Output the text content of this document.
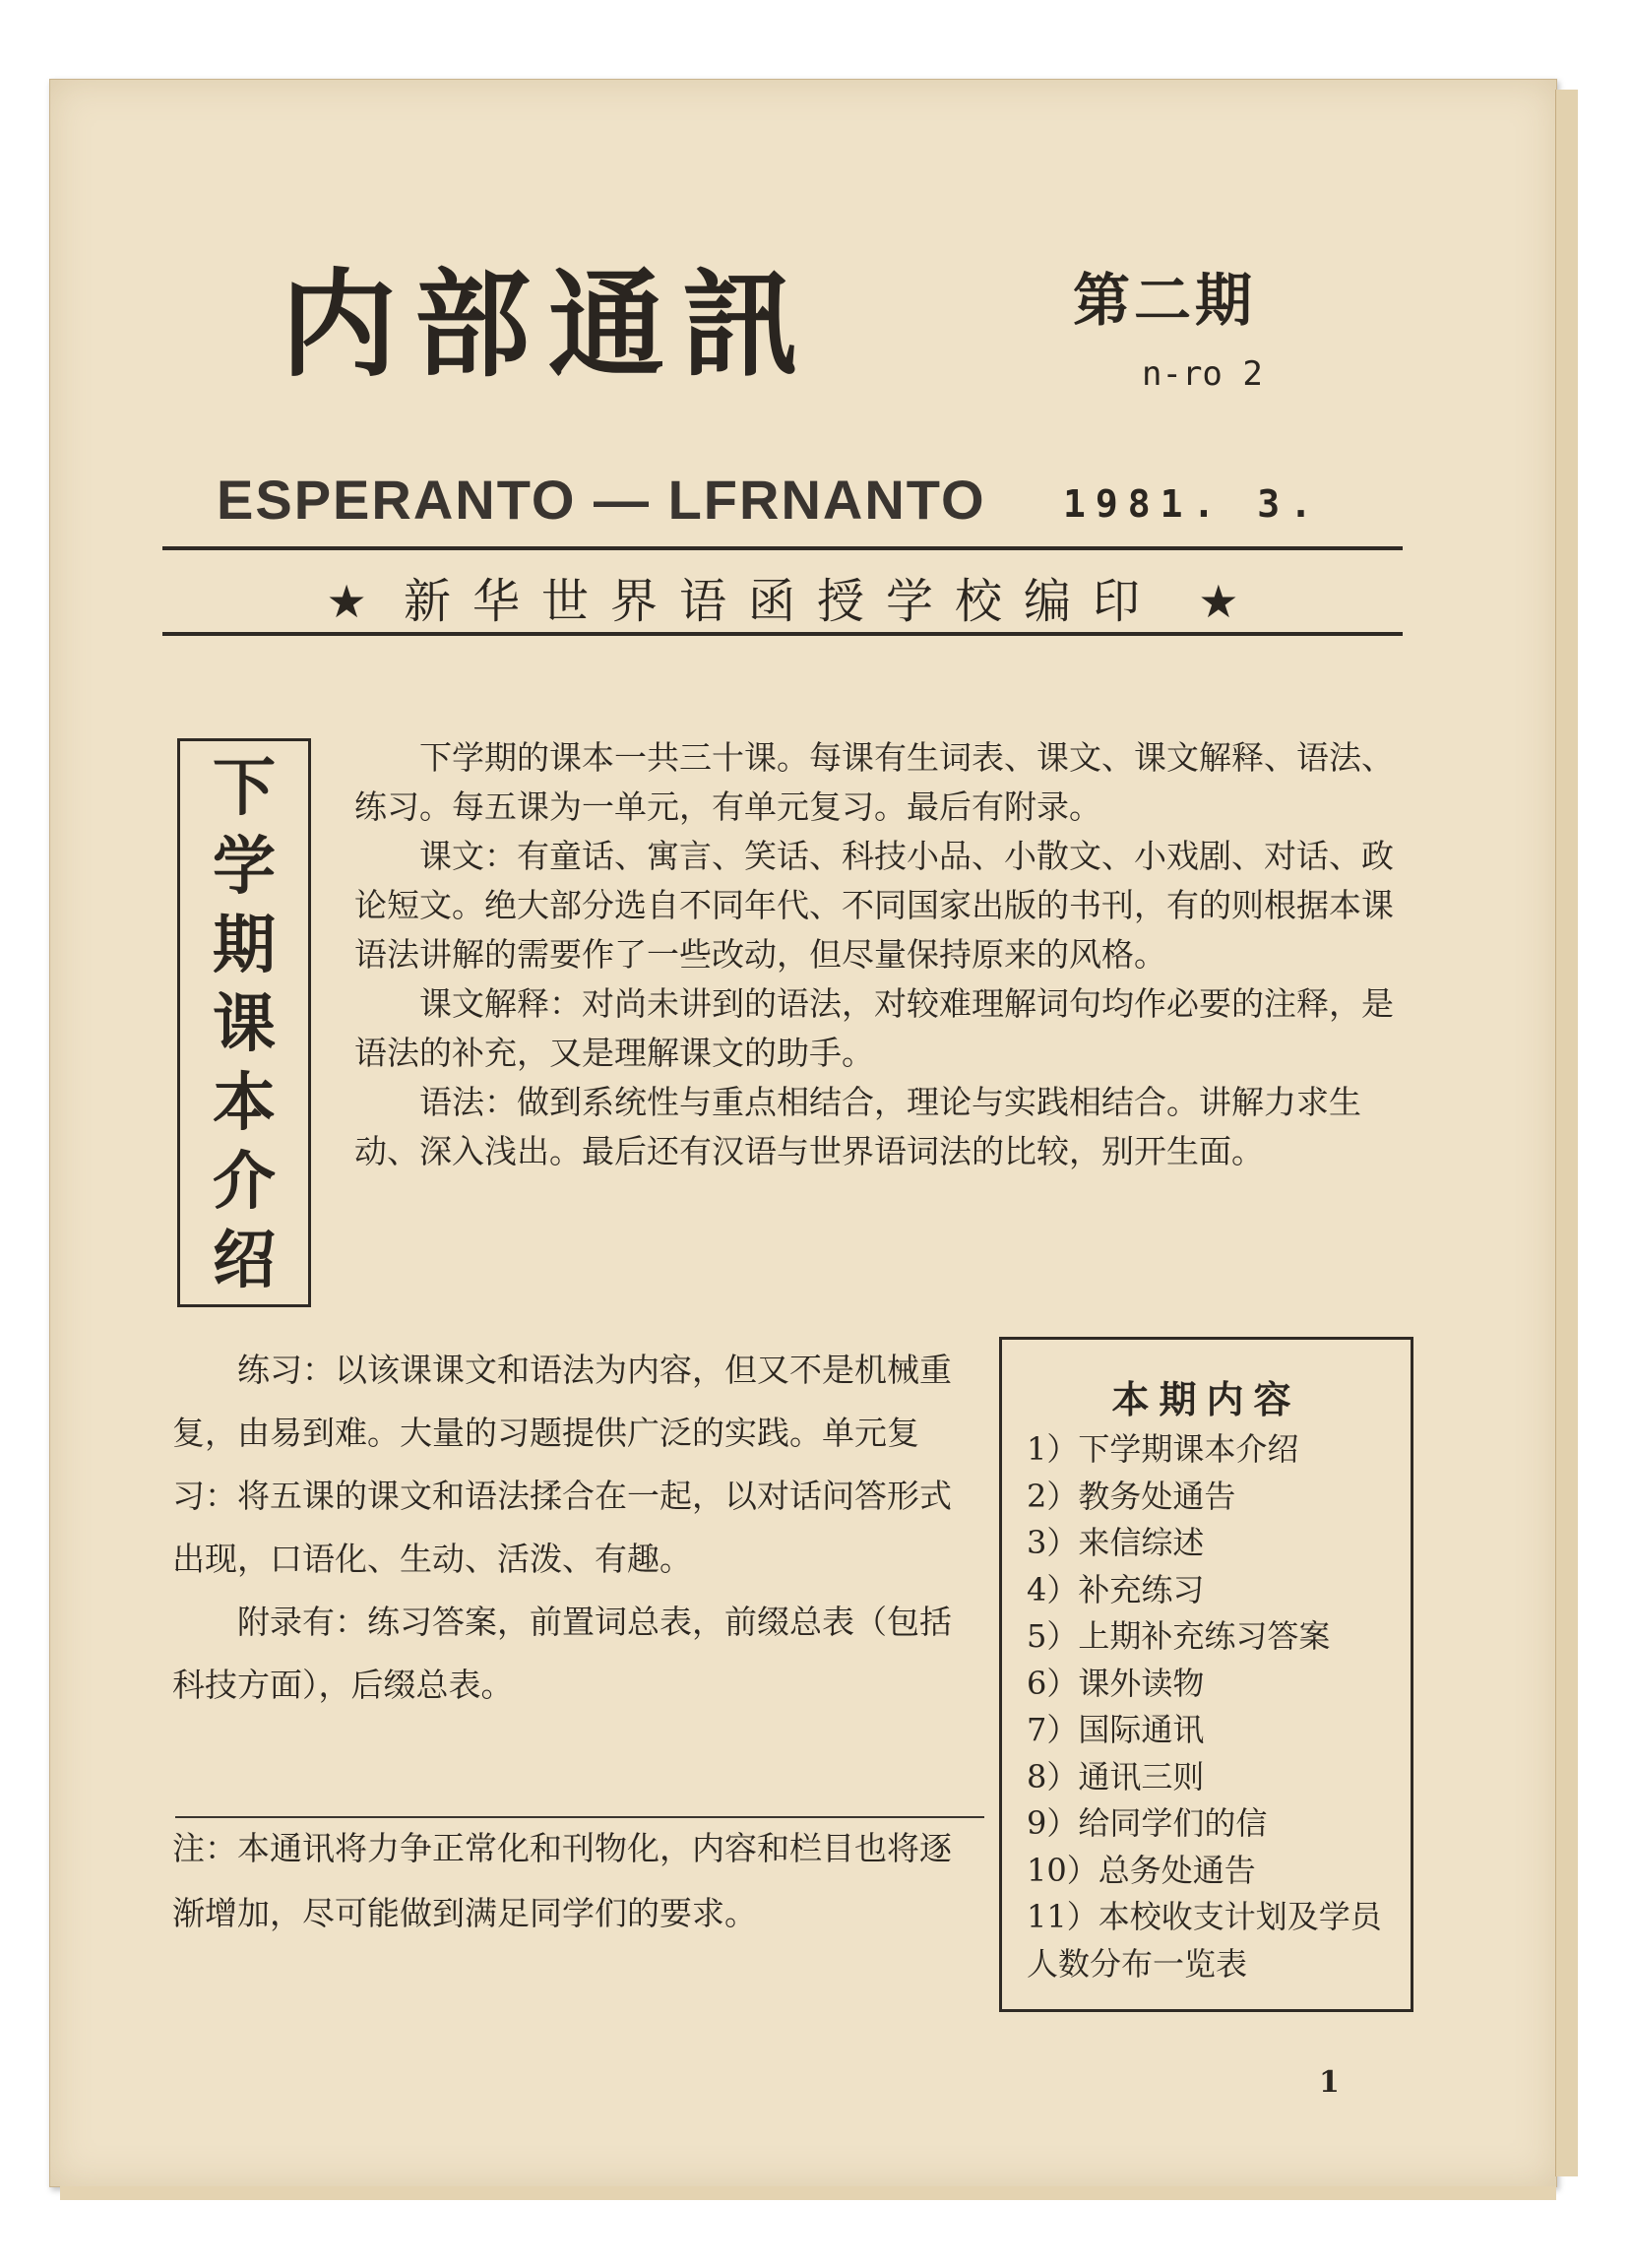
内部通訊	第二期
n-ro 2
ESPERANTO — LFRNANTO 1981. 3.
★ 新华世界语函授学校编印 ★
下
学
期
课
本
介
绍
下学期的课本一共三十课。每课有生词表、课文、课文解释、语法、练习。每五课为一单元，有单元复习。最后有附录。
课文：有童话、寓言、笑话、科技小品、小散文、小戏剧、对话、政论短文。绝大部分选自不同年代、不同国家出版的书刊，有的则根据本课语法讲解的需要作了一些改动，但尽量保持原来的风格。
课文解释：对尚未讲到的语法，对较难理解词句均作必要的注释，是语法的补充，又是理解课文的助手。
语法：做到系统性与重点相结合，理论与实践相结合。讲解力求生动、深入浅出。最后还有汉语与世界语词法的比较，别开生面。
练习：以该课课文和语法为内容，但又不是机械重复，由易到难。大量的习题提供广泛的实践。单元复习：将五课的课文和语法揉合在一起，以对话问答形式出现，口语化、生动、活泼、有趣。
附录有：练习答案，前置词总表，前缀总表（包括科技方面），后缀总表。
注：本通讯将力争正常化和刊物化，内容和栏目也将逐渐增加，尽可能做到满足同学们的要求。
本期内容
1）下学期课本介绍
2）教务处通告
3）来信综述
4）补充练习
5）上期补充练习答案
6）课外读物
7）国际通讯
8）通讯三则
9）给同学们的信
10）总务处通告
11）本校收支计划及学员人数分布一览表
1
